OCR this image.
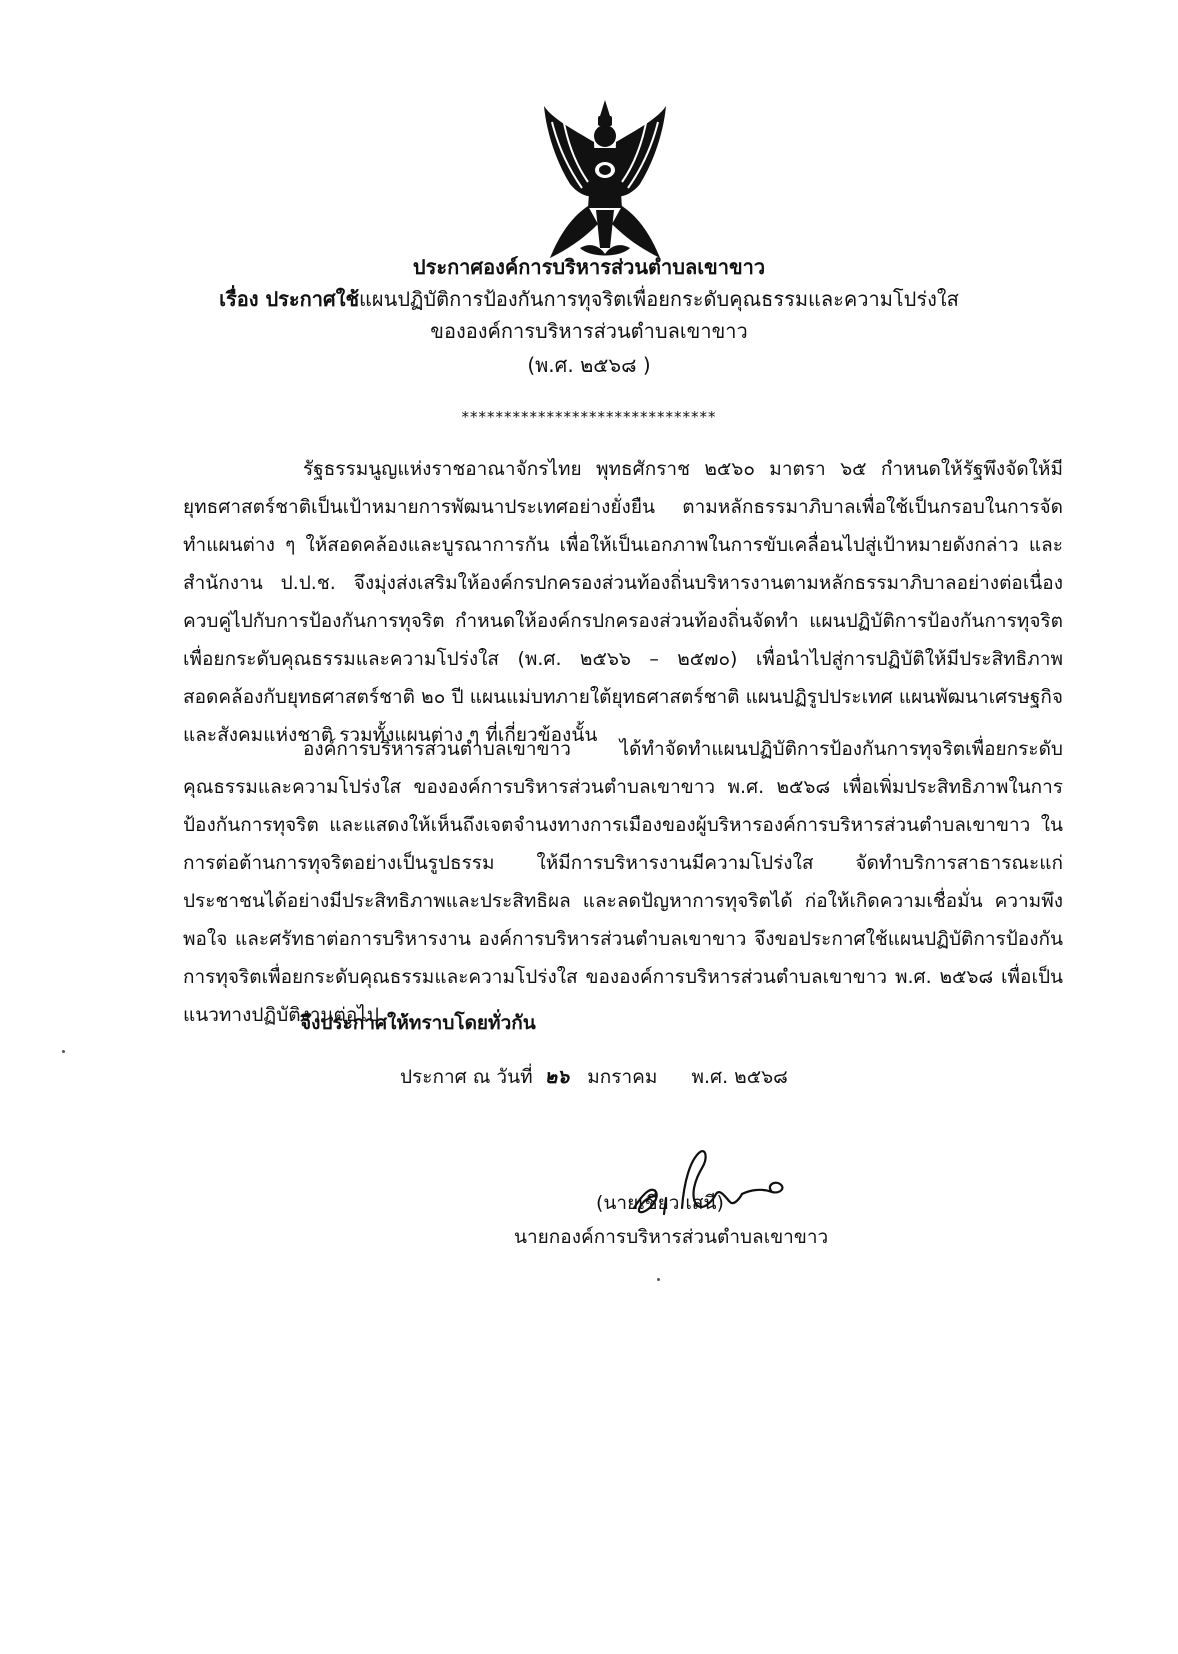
ประกาศองค์การบริหารส่วนตำบลเขาขาว
เรื่อง ประกาศใช้แผนปฏิบัติการป้องกันการทุจริตเพื่อยกระดับคุณธรรมและความโปร่งใส
ขององค์การบริหารส่วนตำบลเขาขาว
(พ.ศ. ๒๕๖๘ )
******************************
รัฐธรรมนูญแห่งราชอาณาจักรไทย พุทธศักราช ๒๕๖๐ มาตรา ๖๕ กำหนดให้รัฐพึงจัดให้มียุทธศาสตร์ชาติเป็นเป้าหมายการพัฒนาประเทศอย่างยั่งยืน ตามหลักธรรมาภิบาลเพื่อใช้เป็นกรอบในการจัดทำแผนต่าง ๆ ให้สอดคล้องและบูรณาการกัน เพื่อให้เป็นเอกภาพในการขับเคลื่อนไปสู่เป้าหมายดังกล่าว และสำนักงาน ป.ป.ช. จึงมุ่งส่งเสริมให้องค์กรปกครองส่วนท้องถิ่นบริหารงานตามหลักธรรมาภิบาลอย่างต่อเนื่องควบคู่ไปกับการป้องกันการทุจริต กำหนดให้องค์กรปกครองส่วนท้องถิ่นจัดทำ แผนปฏิบัติการป้องกันการทุจริตเพื่อยกระดับคุณธรรมและความโปร่งใส (พ.ศ. ๒๕๖๖ – ๒๕๗๐) เพื่อนำไปสู่การปฏิบัติให้มีประสิทธิภาพสอดคล้องกับยุทธศาสตร์ชาติ ๒๐ ปี แผนแม่บทภายใต้ยุทธศาสตร์ชาติ แผนปฏิรูปประเทศ แผนพัฒนาเศรษฐกิจและสังคมแห่งชาติ รวมทั้งแผนต่าง ๆ ที่เกี่ยวข้องนั้น
องค์การบริหารส่วนตำบลเขาขาว ได้ทำจัดทำแผนปฏิบัติการป้องกันการทุจริตเพื่อยกระดับคุณธรรมและความโปร่งใส ขององค์การบริหารส่วนตำบลเขาขาว พ.ศ. ๒๕๖๘ เพื่อเพิ่มประสิทธิภาพในการป้องกันการทุจริต และแสดงให้เห็นถึงเจตจำนงทางการเมืองของผู้บริหารองค์การบริหารส่วนตำบลเขาขาว ในการต่อต้านการทุจริตอย่างเป็นรูปธรรม ให้มีการบริหารงานมีความโปร่งใส จัดทำบริการสาธารณะแก่ประชาชนได้อย่างมีประสิทธิภาพและประสิทธิผล และลดปัญหาการทุจริตได้ ก่อให้เกิดความเชื่อมั่น ความพึงพอใจ และศรัทธาต่อการบริหารงาน องค์การบริหารส่วนตำบลเขาขาว จึงขอประกาศใช้แผนปฏิบัติการป้องกันการทุจริตเพื่อยกระดับคุณธรรมและความโปร่งใส ขององค์การบริหารส่วนตำบลเขาขาว พ.ศ. ๒๕๖๘ เพื่อเป็นแนวทางปฏิบัติงานต่อไป
จึงประกาศให้ทราบโดยทั่วกัน
ประกาศ ณ วันที่ ๒๖ มกราคม พ.ศ. ๒๕๖๘
(นายเชี่ยว เสนี)
นายกองค์การบริหารส่วนตำบลเขาขาว
